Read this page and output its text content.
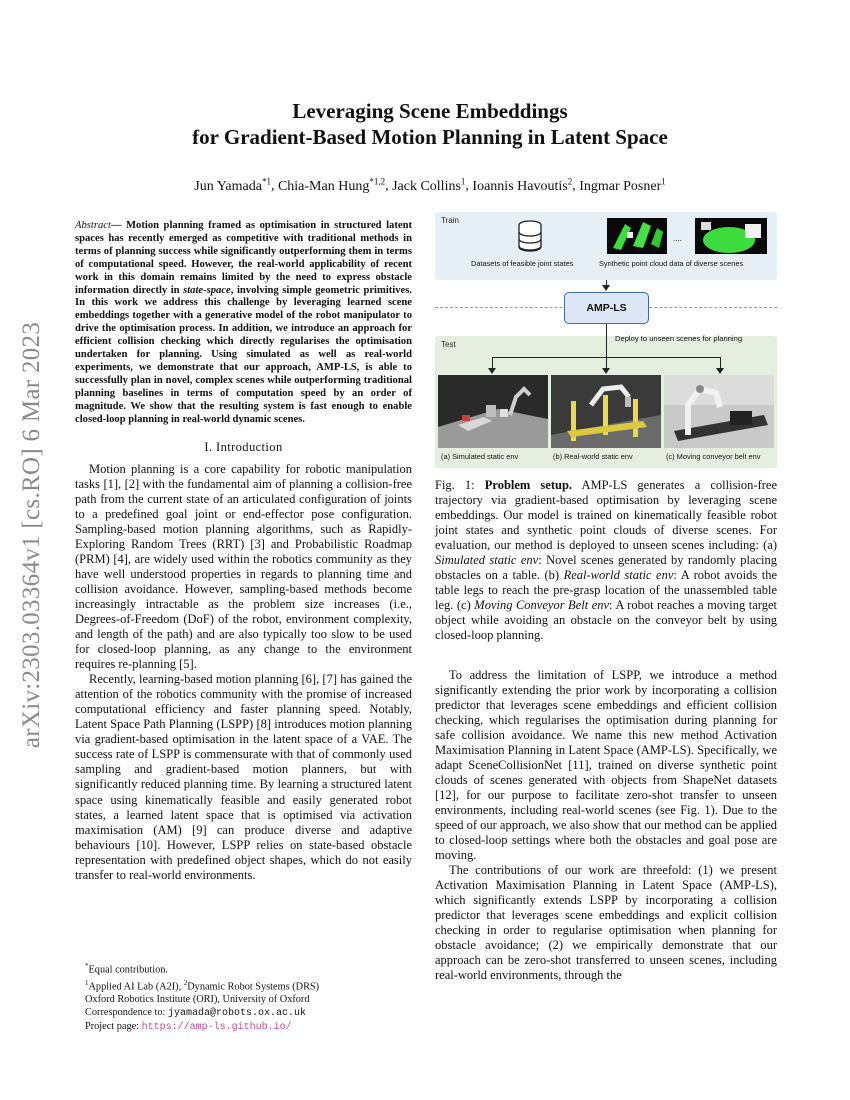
arXiv:2303.03364v1 [cs.RO] 6 Mar 2023
Leveraging Scene Embeddings
for Gradient-Based Motion Planning in Latent Space
Jun Yamada$^{*1}$, Chia-Man Hung$^{*1,2}$, Jack Collins$^1$, Ioannis Havoutis$^2$, Ingmar Posner$^1$
Abstract— Motion planning framed as optimisation in structured latent spaces has recently emerged as competitive with traditional methods in terms of planning success while significantly outperforming them in terms of computational speed. However, the real-world applicability of recent work in this domain remains limited by the need to express obstacle information directly in state-space, involving simple geometric primitives. In this work we address this challenge by leveraging learned scene embeddings together with a generative model of the robot manipulator to drive the optimisation process. In addition, we introduce an approach for efficient collision checking which directly regularises the optimisation undertaken for planning. Using simulated as well as real-world experiments, we demonstrate that our approach, AMP-LS, is able to successfully plan in novel, complex scenes while outperforming traditional planning baselines in terms of computation speed by an order of magnitude. We show that the resulting system is fast enough to enable closed-loop planning in real-world dynamic scenes.
I. Introduction

Motion planning is a core capability for robotic manipulation tasks [1], [2] with the fundamental aim of planning a collision-free path from the current state of an articulated configuration of joints to a predefined goal joint or end-effector pose configuration. Sampling-based motion planning algorithms, such as Rapidly-Exploring Random Trees (RRT) [3] and Probabilistic Roadmap (PRM) [4], are widely used within the robotics community as they have well understood properties in regards to planning time and collision avoidance. However, sampling-based methods become increasingly intractable as the problem size increases (i.e., Degrees-of-Freedom (DoF) of the robot, environment complexity, and length of the path) and are also typically too slow to be used for closed-loop planning, as any change to the environment requires re-planning [5].

Recently, learning-based motion planning [6], [7] has gained the attention of the robotics community with the promise of increased computational efficiency and faster planning speed. Notably, Latent Space Path Planning (LSPP) [8] introduces motion planning via gradient-based optimisation in the latent space of a VAE. The success rate of LSPP is commensurate with that of commonly used sampling and gradient-based motion planners, but with significantly reduced planning time. By learning a structured latent space using kinematically feasible and easily generated robot states, a learned latent space that is optimised via activation maximisation (AM) [9] can produce diverse and adaptive behaviours [10]. However, LSPP relies on state-based obstacle representation with predefined object shapes, which do not easily transfer to real-world environments.

*Equal contribution.
$^1$Applied AI Lab (A2I), $^2$Dynamic Robot Systems (DRS)
Oxford Robotics Institute (ORI), University of Oxford
Correspondence to: jyamada@robots.ox.ac.uk
Project page: https://amp-ls.github.io/
Train
Datasets of feasible joint states
....
Synthetic point cloud data of diverse scenes
AMP-LS
Test
Deploy to unseen scenes for planning
(a) Simulated static env	(b) Real-world static env	(c) Moving conveyor belt env

Fig. 1: Problem setup. AMP-LS generates a collision-free trajectory via gradient-based optimisation by leveraging scene embeddings. Our model is trained on kinematically feasible robot joint states and synthetic point clouds of diverse scenes. For evaluation, our method is deployed to unseen scenes including: (a) Simulated static env: Novel scenes generated by randomly placing obstacles on a table. (b) Real-world static env: A robot avoids the table legs to reach the pre-grasp location of the unassembled table leg. (c) Moving Conveyor Belt env: A robot reaches a moving target object while avoiding an obstacle on the conveyor belt by using closed-loop planning.

To address the limitation of LSPP, we introduce a method significantly extending the prior work by incorporating a collision predictor that leverages scene embeddings and efficient collision checking, which regularises the optimisation during planning for safe collision avoidance. We name this new method Activation Maximisation Planning in Latent Space (AMP-LS). Specifically, we adapt SceneCollisionNet [11], trained on diverse synthetic point clouds of scenes generated with objects from ShapeNet datasets [12], for our purpose to facilitate zero-shot transfer to unseen environments, including real-world scenes (see Fig. 1). Due to the speed of our approach, we also show that our method can be applied to closed-loop settings where both the obstacles and goal pose are moving.

The contributions of our work are threefold: (1) we present Activation Maximisation Planning in Latent Space (AMP-LS), which significantly extends LSPP by incorporating a collision predictor that leverages scene embeddings and explicit collision checking in order to regularise optimisation when planning for obstacle avoidance; (2) we empirically demonstrate that our approach can be zero-shot transferred to unseen scenes, including real-world environments, through the
